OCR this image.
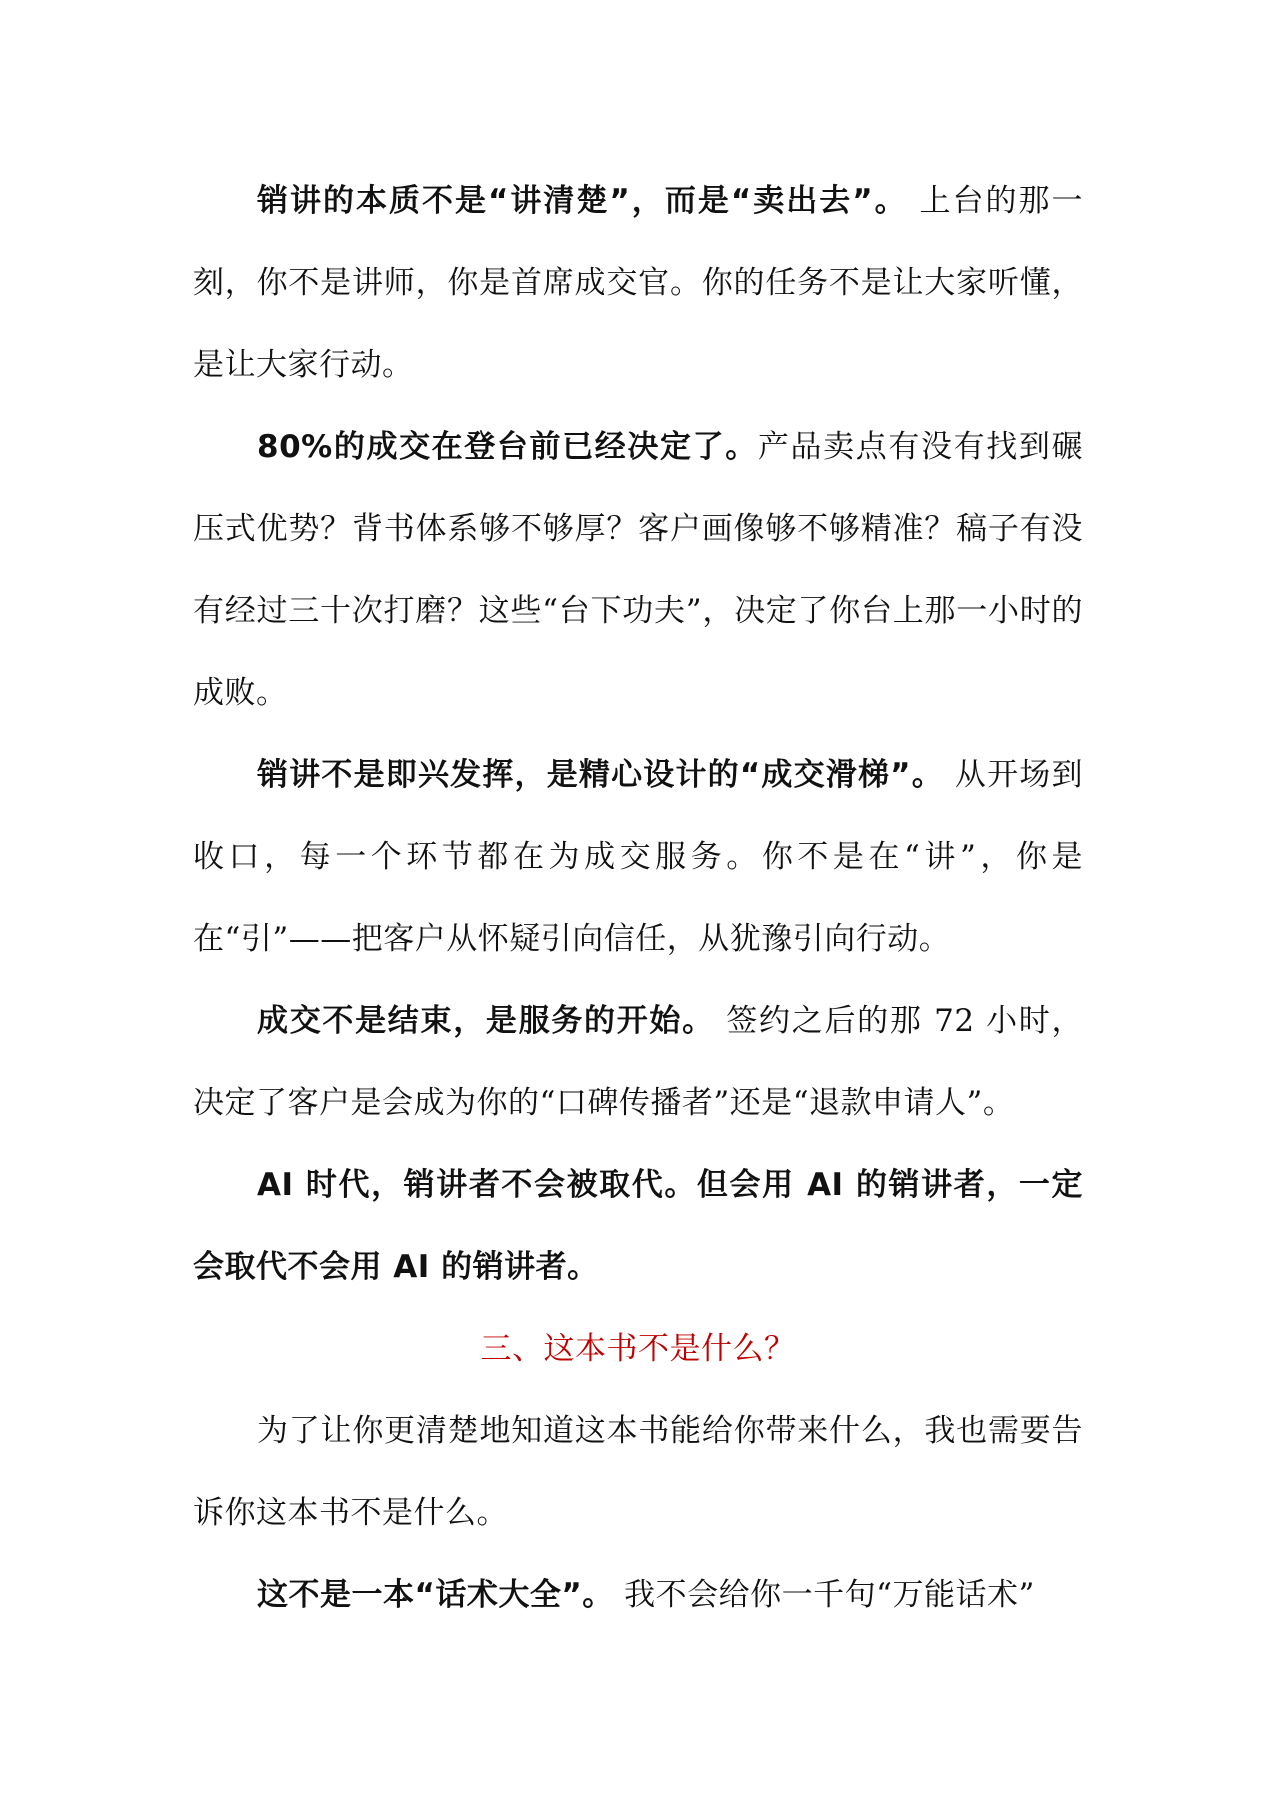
销讲的本质不是“讲清楚”，而是“卖出去”。 上台的那一刻，你不是讲师，你是首席成交官。你的任务不是让大家听懂，是让大家行动。

80%的成交在登台前已经决定了。产品卖点有没有找到碾压式优势？背书体系够不够厚？客户画像够不够精准？稿子有没有经过三十次打磨？这些“台下功夫”，决定了你台上那一小时的成败。

销讲不是即兴发挥，是精心设计的“成交滑梯”。 从开场到收口，每一个环节都在为成交服务。你不是在“讲”，你是在“引”——把客户从怀疑引向信任，从犹豫引向行动。

成交不是结束，是服务的开始。 签约之后的那 72 小时，决定了客户是会成为你的“口碑传播者”还是“退款申请人”。

AI 时代，销讲者不会被取代。但会用 AI 的销讲者，一定会取代不会用 AI 的销讲者。

三、这本书不是什么？

为了让你更清楚地知道这本书能给你带来什么，我也需要告诉你这本书不是什么。

这不是一本“话术大全”。 我不会给你一千句“万能话术”
